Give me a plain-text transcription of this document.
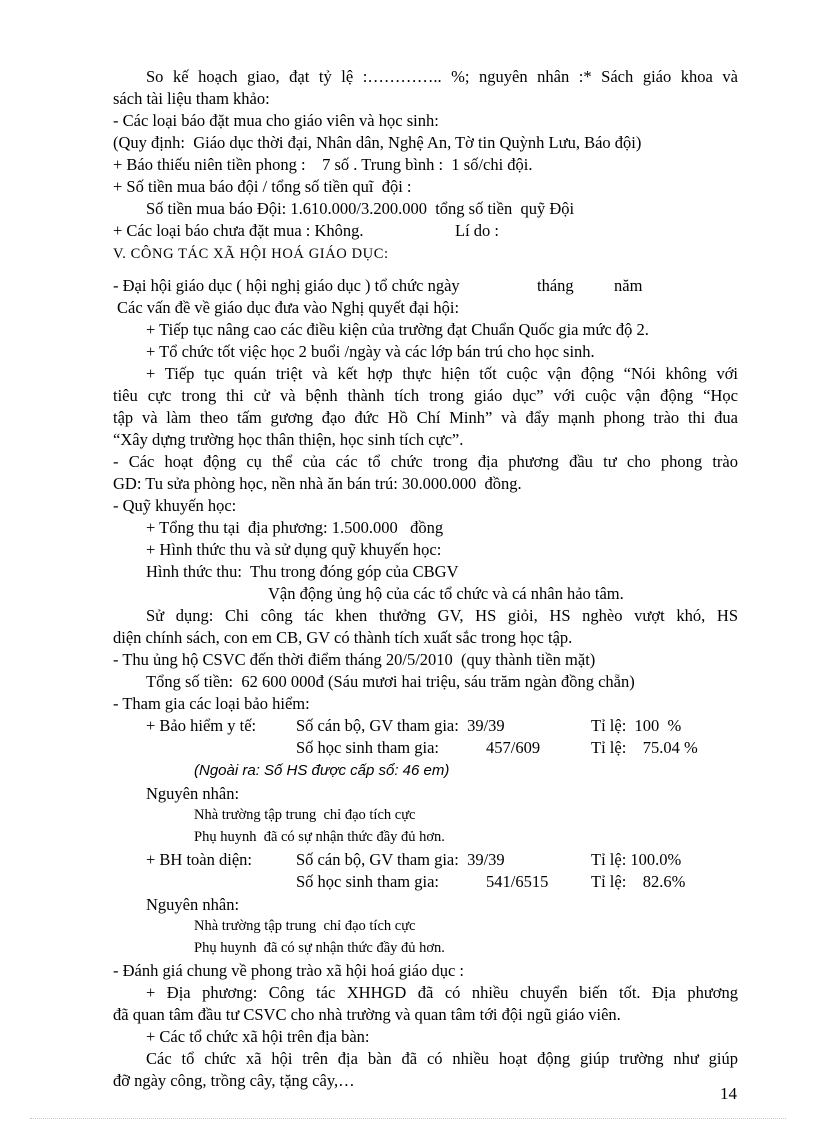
So kế hoạch giao, đạt tỷ lệ :………….. %; nguyên nhân :* Sách giáo khoa và
sách tài liệu tham khảo:
- Các loại báo đặt mua cho giáo viên và học sinh:
(Quy định:  Giáo dục thời đại, Nhân dân, Nghệ An, Tờ tin Quỳnh Lưu, Báo đội)
+ Báo thiếu niên tiền phong :    7 số . Trung bình :  1 số/chi đội.
+ Số tiền mua báo đội / tổng số tiền quĩ  đội :
Số tiền mua báo Đội: 1.610.000/3.200.000  tổng số tiền  quỹ Đội
+ Các loại báo chưa đặt mua : Không.	Lí do :
V. CÔNG TÁC XÃ HỘI HOÁ GIÁO DỤC:
- Đại hội giáo dục ( hội nghị giáo dục ) tổ chức ngày	tháng năm
Các vấn đề về giáo dục đưa vào Nghị quyết đại hội:
+ Tiếp tục nâng cao các điều kiện của trường đạt Chuẩn Quốc gia mức độ 2.
+ Tổ chức tốt việc học 2 buổi /ngày và các lớp bán trú cho học sinh.
+ Tiếp tục quán triệt và kết hợp thực hiện tốt cuộc vận động “Nói không với
tiêu cực trong thi cử và bệnh thành tích trong giáo dục” với cuộc vận động “Học
tập và làm theo tấm gương đạo đức Hồ Chí Minh” và đẩy mạnh phong trào thi đua
“Xây dựng trường học thân thiện, học sinh tích cực”.
- Các hoạt động cụ thể của các tổ chức trong địa phương đầu tư cho phong trào
GD: Tu sửa phòng học, nền nhà ăn bán trú: 30.000.000  đồng.
- Quỹ khuyến học:
+ Tổng thu tại  địa phương: 1.500.000   đồng
+ Hình thức thu và sử dụng quỹ khuyến học:
Hình thức thu:  Thu trong đóng góp của CBGV
Vận động ủng hộ của các tổ chức và cá nhân hảo tâm.
Sử dụng: Chi công tác khen thưởng GV, HS giỏi, HS nghèo vượt khó, HS
diện chính sách, con em CB, GV có thành tích xuất sắc trong học tập.
- Thu ủng hộ CSVC đến thời điểm tháng 20/5/2010  (quy thành tiền mặt)
Tổng số tiền:  62 600 000đ (Sáu mươi hai triệu, sáu trăm ngàn đồng chẵn)
- Tham gia các loại bảo hiểm:
+ Bảo hiểm y tế: Số cán bộ, GV tham gia:  39/39	Tỉ lệ:  100  %
Số học sinh tham gia:	457/609	Tỉ lệ:    75.04 %
(Ngoài ra: Số HS được cấp sổ: 46 em)
Nguyên nhân:
Nhà trường tập trung  chỉ đạo tích cực
Phụ huynh  đã có sự nhận thức đầy đủ hơn.
+ BH toàn diện:	Số cán bộ, GV tham gia:  39/39	Tỉ lệ: 100.0%
Số học sinh tham gia:	541/6515	Tỉ lệ:    82.6%
Nguyên nhân:
Nhà trường tập trung  chỉ đạo tích cực
Phụ huynh  đã có sự nhận thức đầy đủ hơn.
- Đánh giá chung về phong trào xã hội hoá giáo dục :
+ Địa phương: Công tác XHHGD đã có nhiều chuyển biến tốt. Địa phương
đã quan tâm đầu tư CSVC cho nhà trường và quan tâm tới đội ngũ giáo viên.
+ Các tổ chức xã hội trên địa bàn:
Các tổ chức xã hội trên địa bàn đã có nhiều hoạt động giúp trường như giúp
đỡ ngày công, trồng cây, tặng cây,…
14
